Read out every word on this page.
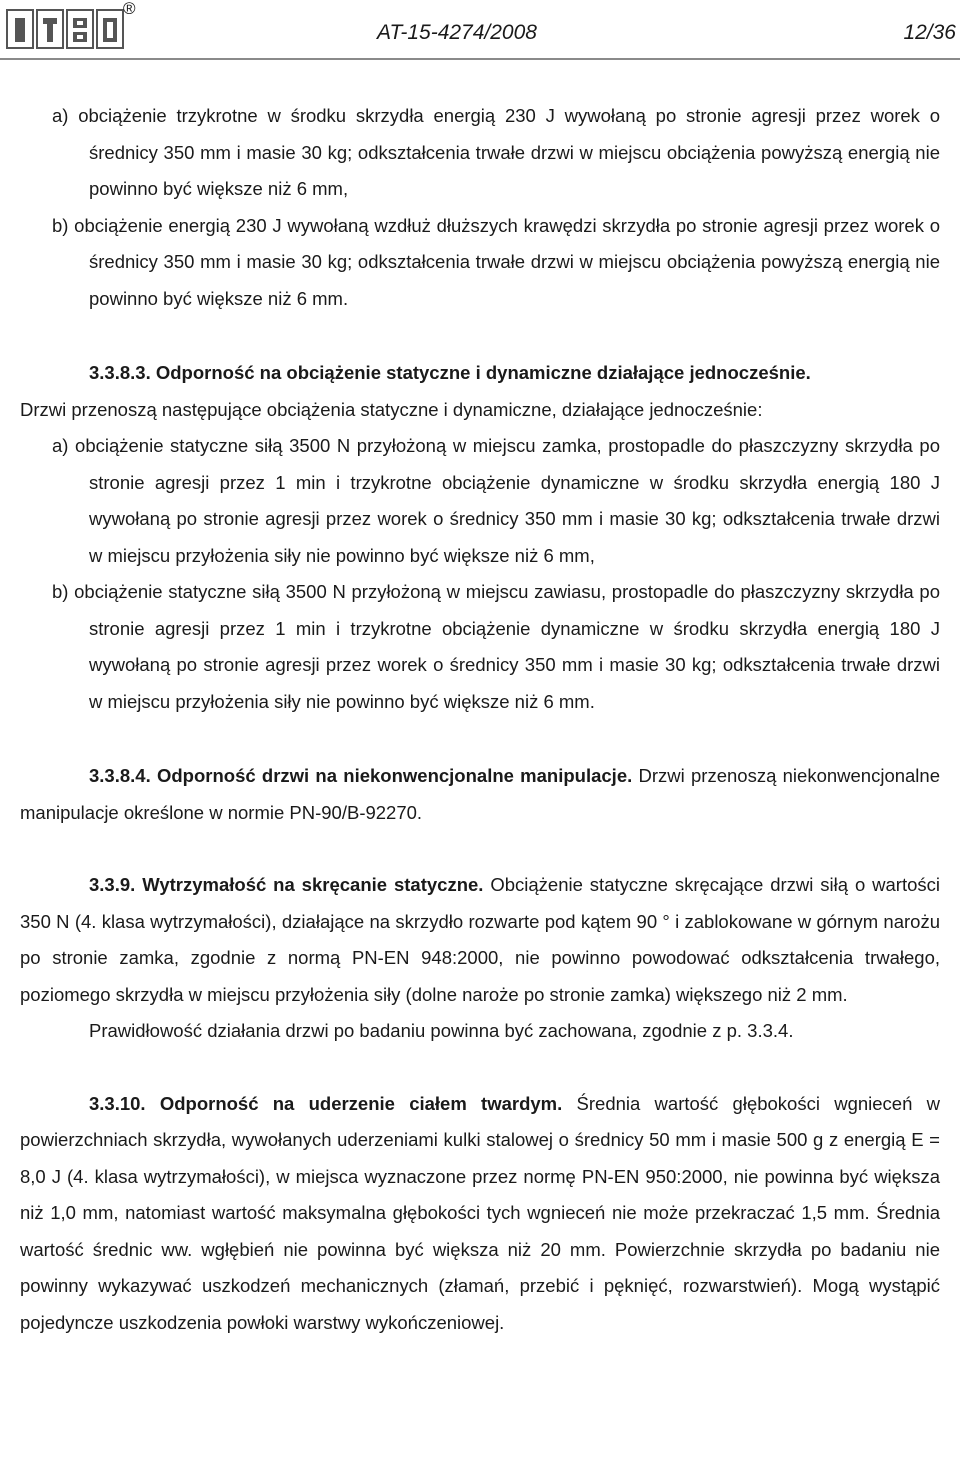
®
AT-15-4274/2008	12/36

a) obciążenie trzykrotne w środku skrzydła energią 230 J wywołaną po stronie agresji przez worek o średnicy 350 mm i masie 30 kg; odkształcenia trwałe drzwi w miejscu obciążenia powyższą energią nie powinno być większe niż 6 mm,

b) obciążenie energią 230 J wywołaną wzdłuż dłuższych krawędzi skrzydła po stronie agresji przez worek o średnicy 350 mm i masie 30 kg; odkształcenia trwałe drzwi w miejscu obciążenia powyższą energią nie powinno być większe niż 6 mm.

3.3.8.3. Odporność na obciążenie statyczne i dynamiczne działające jednocześnie.

Drzwi przenoszą następujące obciążenia statyczne i dynamiczne, działające jednocześnie:

a) obciążenie statyczne siłą 3500 N przyłożoną w miejscu zamka, prostopadle do płaszczyzny skrzydła po stronie agresji przez 1 min i trzykrotne obciążenie dynamiczne w środku skrzydła energią 180 J wywołaną po stronie agresji przez worek o średnicy 350 mm i masie 30 kg; odkształcenia trwałe drzwi w miejscu przyłożenia siły nie powinno być większe niż 6 mm,

b) obciążenie statyczne siłą 3500 N przyłożoną w miejscu zawiasu, prostopadle do płaszczyzny skrzydła po stronie agresji przez 1 min i trzykrotne obciążenie dynamiczne w środku skrzydła energią 180 J wywołaną po stronie agresji przez worek o średnicy 350 mm i masie 30 kg; odkształcenia trwałe drzwi w miejscu przyłożenia siły nie powinno być większe niż 6 mm.

3.3.8.4. Odporność drzwi na niekonwencjonalne manipulacje. Drzwi przenoszą niekonwencjonalne manipulacje określone w normie PN-90/B-92270.

3.3.9. Wytrzymałość na skręcanie statyczne. Obciążenie statyczne skręcające drzwi siłą o wartości 350 N (4. klasa wytrzymałości), działające na skrzydło rozwarte pod kątem 90 ° i zablokowane w górnym narożu po stronie zamka, zgodnie z normą PN-EN 948:2000, nie powinno powodować odkształcenia trwałego, poziomego skrzydła w miejscu przyłożenia siły (dolne naroże po stronie zamka) większego niż 2 mm.

Prawidłowość działania drzwi po badaniu powinna być zachowana, zgodnie z p. 3.3.4.

3.3.10. Odporność na uderzenie ciałem twardym. Średnia wartość głębokości wgnieceń w powierzchniach skrzydła, wywołanych uderzeniami kulki stalowej o średnicy 50 mm i masie 500 g z energią E = 8,0 J (4. klasa wytrzymałości), w miejsca wyznaczone przez normę PN-EN 950:2000, nie powinna być większa niż 1,0 mm, natomiast wartość maksymalna głębokości tych wgnieceń nie może przekraczać 1,5 mm. Średnia wartość średnic ww. wgłębień nie powinna być większa niż 20 mm. Powierzchnie skrzydła po badaniu nie powinny wykazywać uszkodzeń mechanicznych (złamań, przebić i pęknięć, rozwarstwień). Mogą wystąpić pojedyncze uszkodzenia powłoki warstwy wykończeniowej.
